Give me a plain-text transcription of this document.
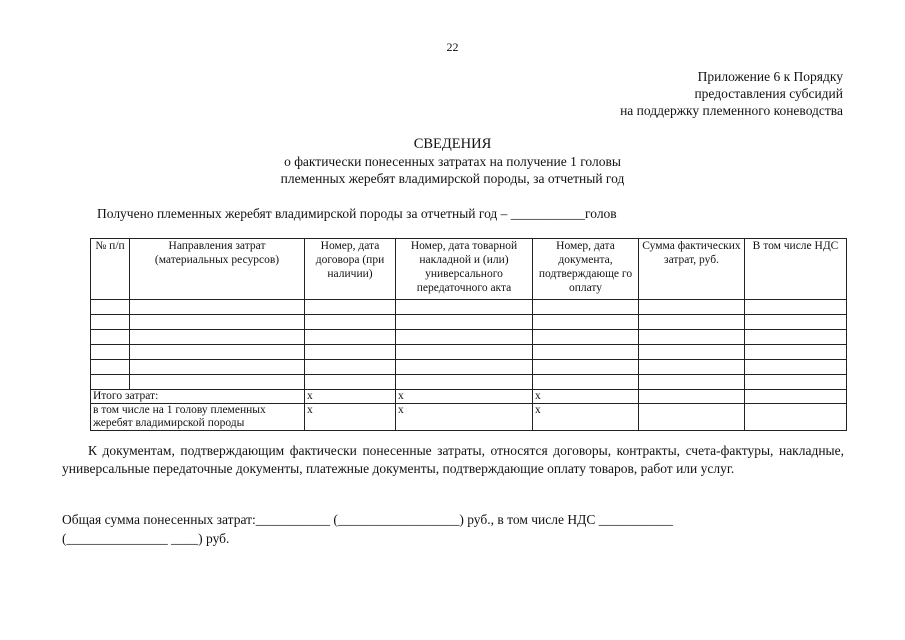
22
Приложение 6 к Порядку
предоставления субсидий
на поддержку племенного коневодства
СВЕДЕНИЯ
о фактически понесенных затратах на получение 1 головы
племенных жеребят владимирской породы, за отчетный год
Получено племенных жеребят владимирской породы за отчетный год – ___________голов
№ п/п	Направления затрат (материальных ресурсов)	Номер, дата договора (при наличии)	Номер, дата товарной накладной и (или) универсального передаточного акта	Номер, дата документа, подтверждающе го оплату	Сумма фактических затрат, руб.	В том числе НДС

Итого затрат:		х	х	х		
в том числе на 1 голову племенных жеребят владимирской породы		х	х	х		
К документам, подтверждающим фактически понесенные затраты, относятся договоры, контракты, счета-фактуры, накладные, универсальные передаточные документы, платежные документы, подтверждающие оплату товаров, работ или услуг.
Общая сумма понесенных затрат:___________ (__________________) руб., в том числе НДС ___________
(_______________ ____) руб.
